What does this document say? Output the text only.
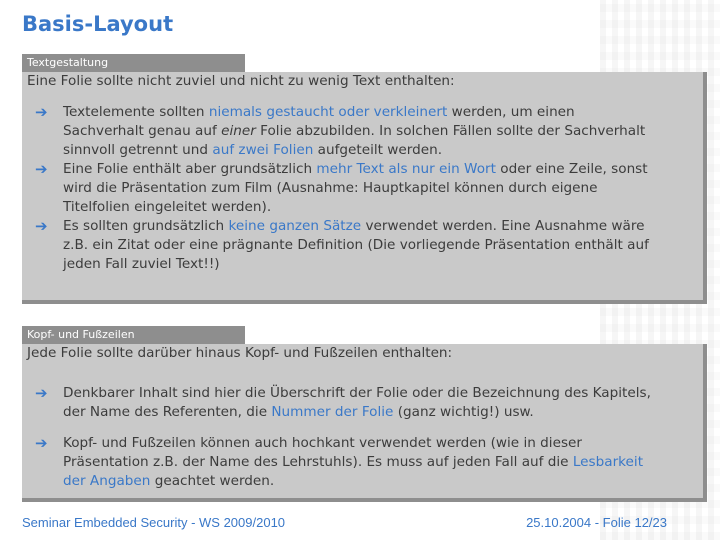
Basis-Layout
Textgestaltung
Eine Folie sollte nicht zuviel und nicht zu wenig Text enthalten:
➔ Textelemente sollten niemals gestaucht oder verkleinert werden, um einen Sachverhalt genau auf einer Folie abzubilden. In solchen Fällen sollte der Sachverhalt sinnvoll getrennt und auf zwei Folien aufgeteilt werden.
➔ Eine Folie enthält aber grundsätzlich mehr Text als nur ein Wort oder eine Zeile, sonst wird die Präsentation zum Film (Ausnahme: Hauptkapitel können durch eigene Titelfolien eingeleitet werden).
➔ Es sollten grundsätzlich keine ganzen Sätze verwendet werden. Eine Ausnahme wäre z.B. ein Zitat oder eine prägnante Definition (Die vorliegende Präsentation enthält auf jeden Fall zuviel Text!!)
Kopf- und Fußzeilen
Jede Folie sollte darüber hinaus Kopf- und Fußzeilen enthalten:
➔ Denkbarer Inhalt sind hier die Überschrift der Folie oder die Bezeichnung des Kapitels, der Name des Referenten, die Nummer der Folie (ganz wichtig!) usw.
➔ Kopf- und Fußzeilen können auch hochkant verwendet werden (wie in dieser Präsentation z.B. der Name des Lehrstuhls). Es muss auf jeden Fall auf die Lesbarkeit der Angaben geachtet werden.
Seminar Embedded Security - WS 2009/2010	25.10.2004 - Folie 12/23
